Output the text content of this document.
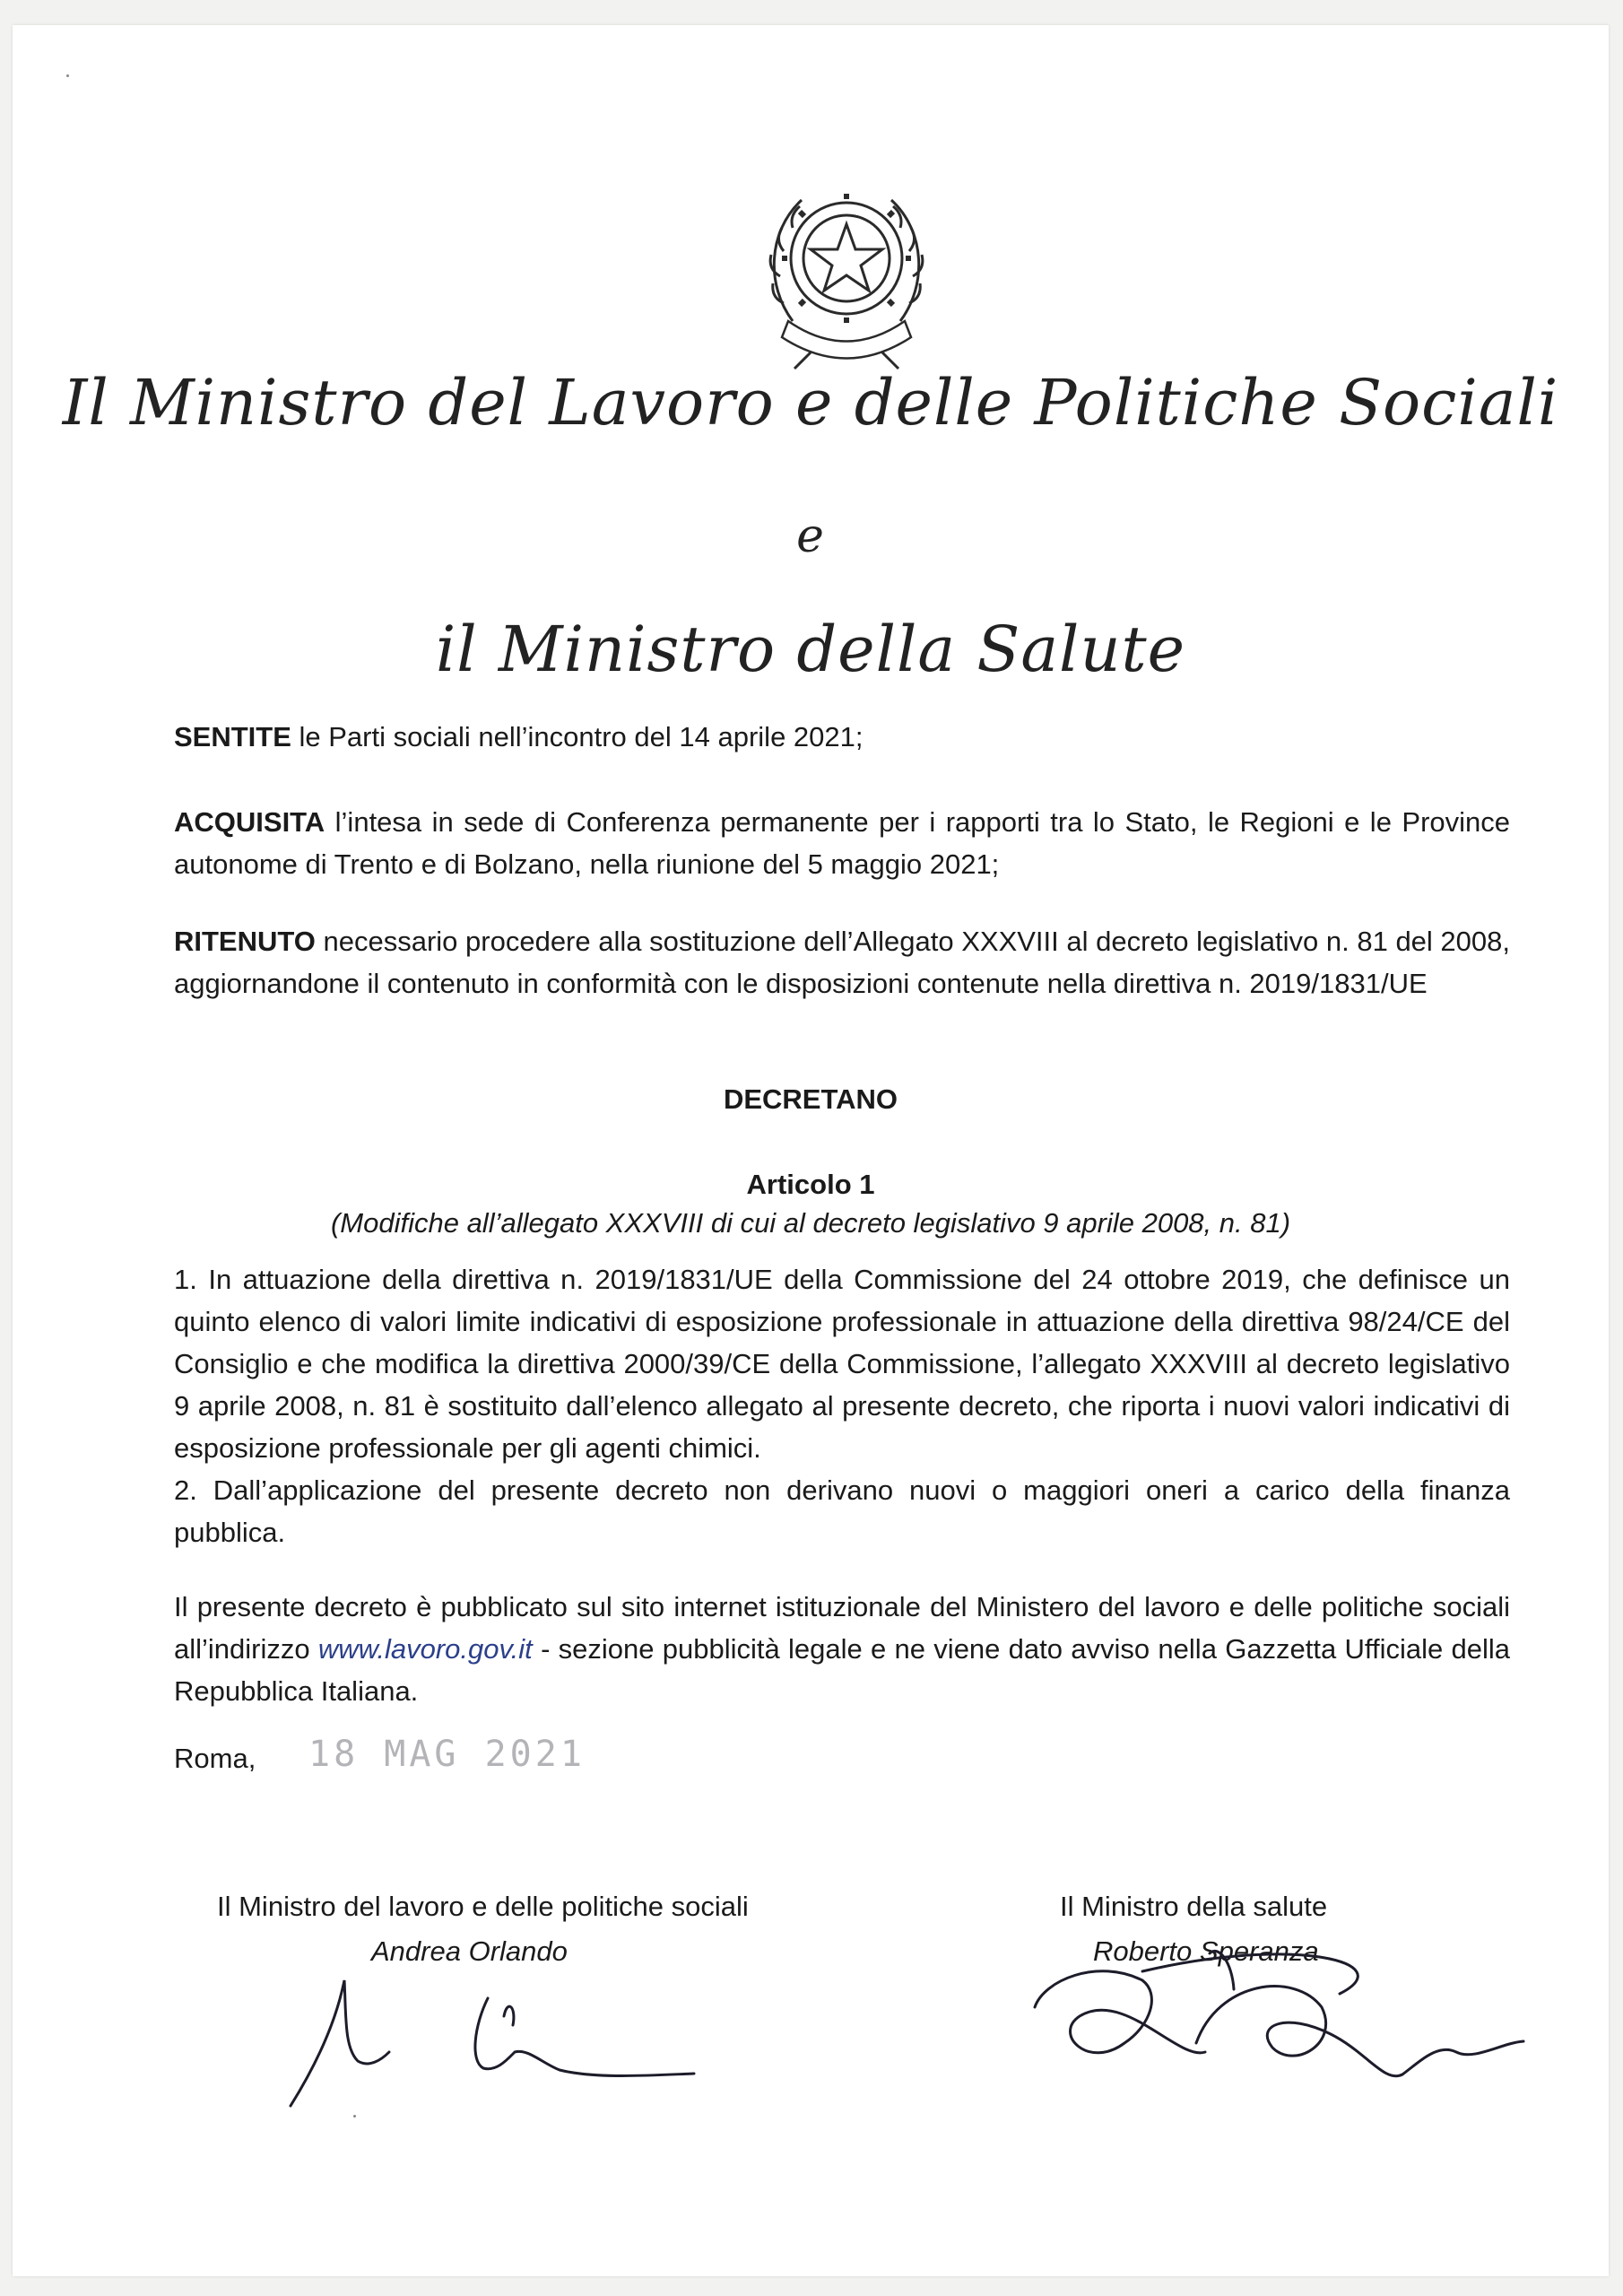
Il Ministro del Lavoro e delle Politiche Sociali
e
il Ministro della Salute
SENTITE le Parti sociali nell’incontro del 14 aprile 2021;
ACQUISITA l’intesa in sede di Conferenza permanente per i rapporti tra lo Stato, le Regioni e le Province autonome di Trento e di Bolzano, nella riunione del 5 maggio 2021;
RITENUTO necessario procedere alla sostituzione dell’Allegato XXXVIII al decreto legislativo n. 81 del 2008, aggiornandone il contenuto in conformità con le disposizioni contenute nella direttiva n. 2019/1831/UE
DECRETANO
Articolo 1
(Modifiche all’allegato XXXVIII di cui al decreto legislativo 9 aprile 2008, n. 81)
1. In attuazione della direttiva n. 2019/1831/UE della Commissione del 24 ottobre 2019, che definisce un quinto elenco di valori limite indicativi di esposizione professionale in attuazione della direttiva 98/24/CE del Consiglio e che modifica la direttiva 2000/39/CE della Commissione, l’allegato XXXVIII al decreto legislativo 9 aprile 2008, n. 81 è sostituito dall’elenco allegato al presente decreto, che riporta i nuovi valori indicativi di esposizione professionale per gli agenti chimici.
2. Dall’applicazione del presente decreto non derivano nuovi o maggiori oneri a carico della finanza pubblica.
Il presente decreto è pubblicato sul sito internet istituzionale del Ministero del lavoro e delle politiche sociali all’indirizzo www.lavoro.gov.it - sezione pubblicità legale e ne viene dato avviso nella Gazzetta Ufficiale della Repubblica Italiana.
Roma, 18 MAG 2021
Il Ministro del lavoro e delle politiche sociali
Andrea Orlando
Il Ministro della salute
Roberto Speranza
